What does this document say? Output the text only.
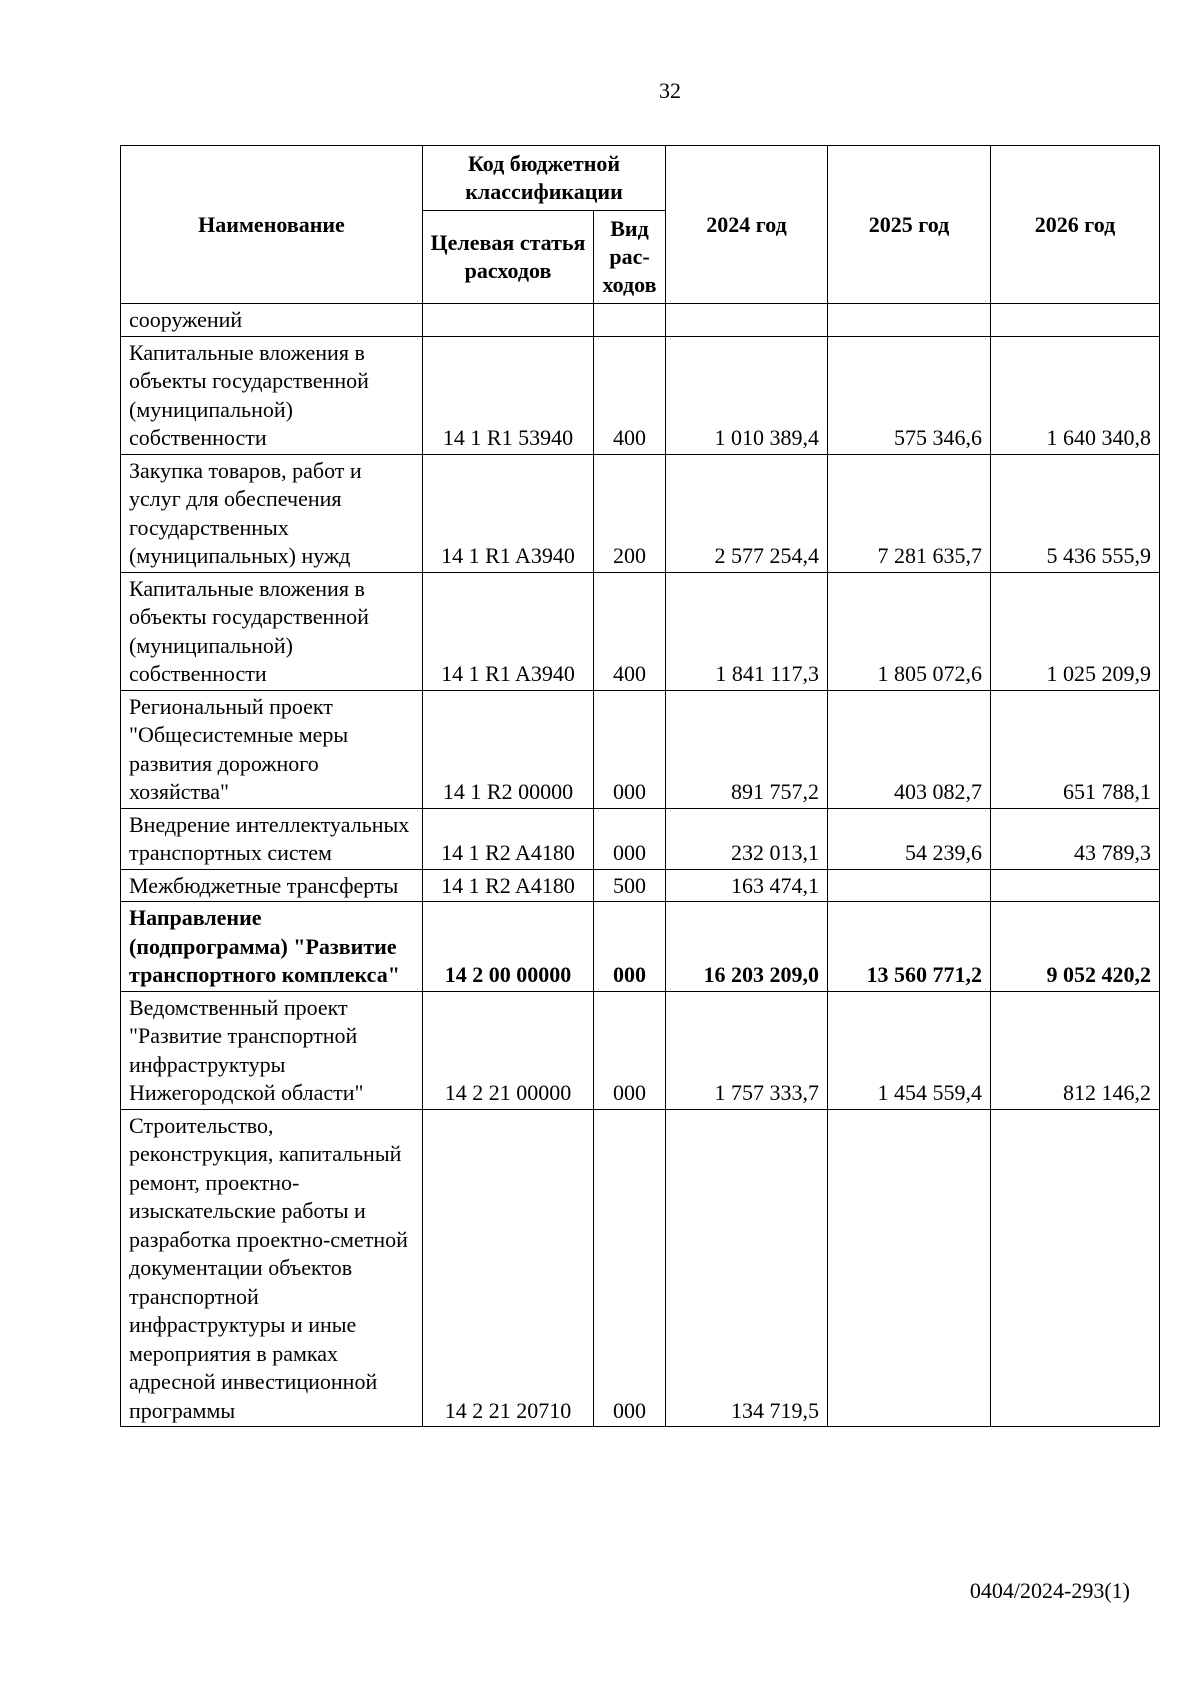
32
Наименование	Код бюджетной классификации		2024 год	2025 год	2026 год
	Целевая статья расходов	Вид рас-ходов			
сооружений					
Капитальные вложения в объекты государственной (муниципальной) собственности	14 1 R1 53940	400	1 010 389,4	575 346,6	1 640 340,8
Закупка товаров, работ и услуг для обеспечения государственных (муниципальных) нужд	14 1 R1 A3940	200	2 577 254,4	7 281 635,7	5 436 555,9
Капитальные вложения в объекты государственной (муниципальной) собственности	14 1 R1 A3940	400	1 841 117,3	1 805 072,6	1 025 209,9
Региональный проект "Общесистемные меры развития дорожного хозяйства"	14 1 R2 00000	000	891 757,2	403 082,7	651 788,1
Внедрение интеллектуальных транспортных систем	14 1 R2 A4180	000	232 013,1	54 239,6	43 789,3
Межбюджетные трансферты	14 1 R2 A4180	500	163 474,1		
Направление (подпрограмма) "Развитие транспортного комплекса"	14 2 00 00000	000	16 203 209,0	13 560 771,2	9 052 420,2
Ведомственный проект "Развитие транспортной инфраструктуры Нижегородской области"	14 2 21 00000	000	1 757 333,7	1 454 559,4	812 146,2
Строительство, реконструкция, капитальный ремонт, проектно-изыскательские работы и разработка проектно-сметной документации объектов транспортной инфраструктуры и иные мероприятия в рамках адресной инвестиционной программы	14 2 21 20710	000	134 719,5		
0404/2024-293(1)
